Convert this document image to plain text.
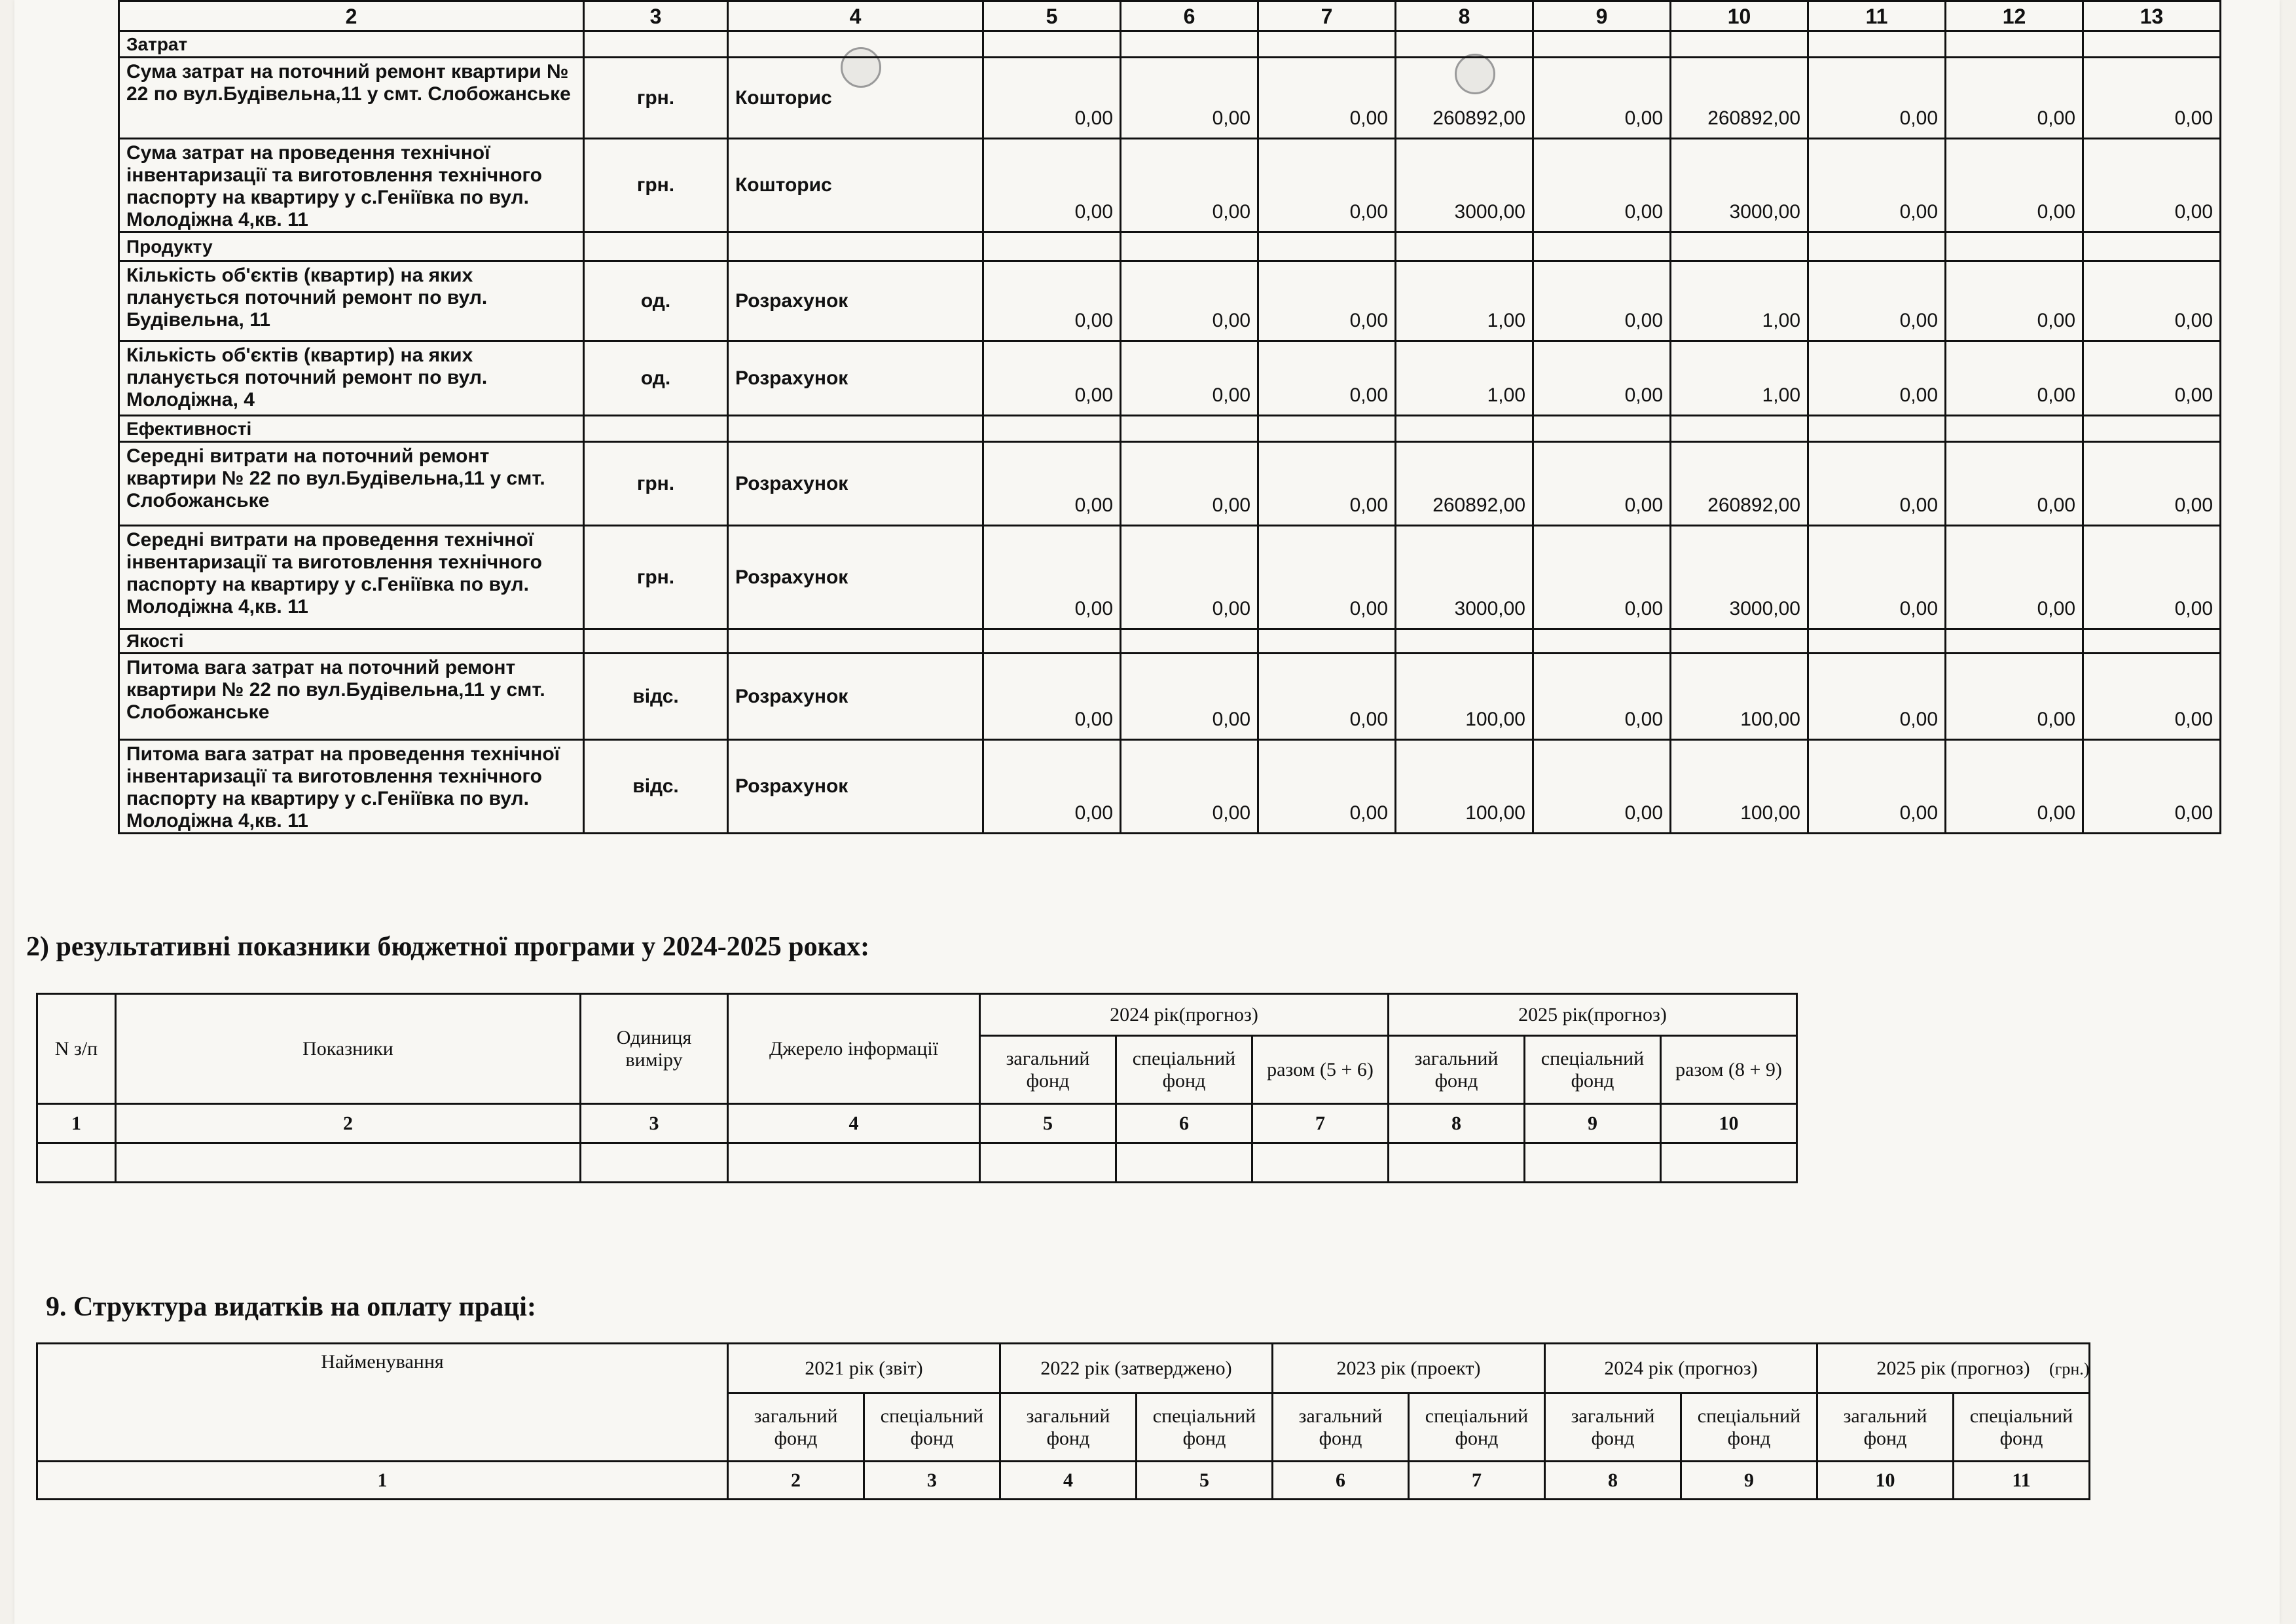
2	3	4	5	6	7	8	9	10	11	12	13
Затрат											
Сума затрат на поточний ремонт квартири № 22 по вул.Будівельна,11 у смт. Слобожанське	грн.	Кошторис	0,00	0,00	0,00	260892,00	0,00	260892,00	0,00	0,00	0,00
Сума затрат на проведення технічної інвентаризації та виготовлення технічного паспорту на квартиру у с.Геніївка по вул. Молодіжна 4,кв. 11	грн.	Кошторис	0,00	0,00	0,00	3000,00	0,00	3000,00	0,00	0,00	0,00
Продукту											
Кількість об'єктів (квартир) на яких планується поточний ремонт по вул. Будівельна, 11	од.	Розрахунок	0,00	0,00	0,00	1,00	0,00	1,00	0,00	0,00	0,00
Кількість об'єктів (квартир) на яких планується поточний ремонт по вул. Молодіжна, 4	од.	Розрахунок	0,00	0,00	0,00	1,00	0,00	1,00	0,00	0,00	0,00
Ефективності											
Середні витрати на поточний ремонт квартири № 22 по вул.Будівельна,11 у смт. Слобожанське	грн.	Розрахунок	0,00	0,00	0,00	260892,00	0,00	260892,00	0,00	0,00	0,00
Середні витрати на проведення технічної інвентаризації та виготовлення технічного паспорту на квартиру у с.Геніївка по вул. Молодіжна 4,кв. 11	грн.	Розрахунок	0,00	0,00	0,00	3000,00	0,00	3000,00	0,00	0,00	0,00
Якості											
Питома вага затрат на поточний ремонт квартири № 22 по вул.Будівельна,11 у смт. Слобожанське	відс.	Розрахунок	0,00	0,00	0,00	100,00	0,00	100,00	0,00	0,00	0,00
Питома вага затрат на проведення технічної інвентаризації та виготовлення технічного паспорту на квартиру у с.Геніївка по вул. Молодіжна 4,кв. 11	відс.	Розрахунок	0,00	0,00	0,00	100,00	0,00	100,00	0,00	0,00	0,00
2) результативні показники бюджетної програми у 2024-2025 роках:
N з/п	Показники	Одиниця виміру	Джерело інформації	2024 рік(прогноз)			2025 рік(прогноз)		
				загальний фонд	спеціальний фонд	разом (5 + 6)	загальний фонд	спеціальний фонд	разом (8 + 9)
1	2	3	4	5	6	7	8	9	10

9. Структура видатків на оплату праці:
(грн.)
Найменування	2021 рік (звіт)		2022 рік (затверджено)		2023 рік (проект)		2024 рік (прогноз)		2025 рік (прогноз)	
	загальний фонд	спеціальний фонд	загальний фонд	спеціальний фонд	загальний фонд	спеціальний фонд	загальний фонд	спеціальний фонд	загальний фонд	спеціальний фонд
1	2	3	4	5	6	7	8	9	10	11
